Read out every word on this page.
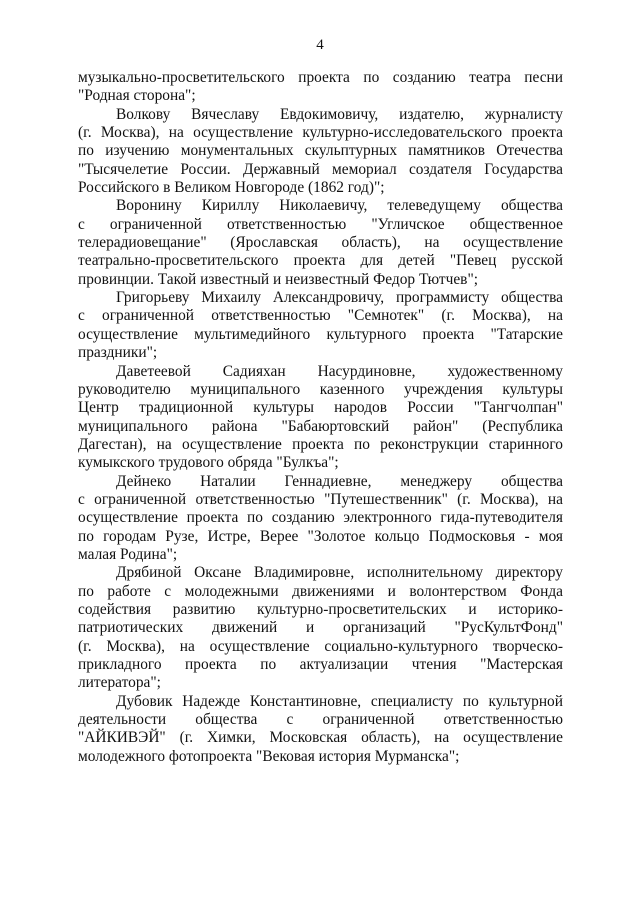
4

музыкально-просветительского проекта по созданию театра песни
"Родная сторона";

Волкову Вячеславу Евдокимовичу, издателю, журналисту
(г. Москва), на осуществление культурно-исследовательского проекта
по изучению монументальных скульптурных памятников Отечества
"Тысячелетие России. Державный мемориал создателя Государства
Российского в Великом Новгороде (1862 год)";

Воронину Кириллу Николаевичу, телеведущему общества
с ограниченной ответственностью "Угличское общественное
телерадиовещание" (Ярославская область), на осуществление
театрально-просветительского проекта для детей "Певец русской
провинции. Такой известный и неизвестный Федор Тютчев";

Григорьеву Михаилу Александровичу, программисту общества
с ограниченной ответственностью "Семнотек" (г. Москва), на
осуществление мультимедийного культурного проекта "Татарские
праздники";

Даветеевой Садияхан Насурдиновне, художественному
руководителю муниципального казенного учреждения культуры
Центр традиционной культуры народов России "Тангчолпан"
муниципального района "Бабаюртовский район" (Республика
Дагестан), на осуществление проекта по реконструкции старинного
кумыкского трудового обряда "Булкъа";

Дейнеко Наталии Геннадиевне, менеджеру общества
с ограниченной ответственностью "Путешественник" (г. Москва), на
осуществление проекта по созданию электронного гида-путеводителя
по городам Рузе, Истре, Верее "Золотое кольцо Подмосковья - моя
малая Родина";

Дрябиной Оксане Владимировне, исполнительному директору
по работе с молодежными движениями и волонтерством Фонда
содействия развитию культурно-просветительских и историко-
патриотических движений и организаций "РусКультФонд"
(г. Москва), на осуществление социально-культурного творческо-
прикладного проекта по актуализации чтения "Мастерская
литератора";

Дубовик Надежде Константиновне, специалисту по культурной
деятельности общества с ограниченной ответственностью
"АЙКИВЭЙ" (г. Химки, Московская область), на осуществление
молодежного фотопроекта "Вековая история Мурманска";
